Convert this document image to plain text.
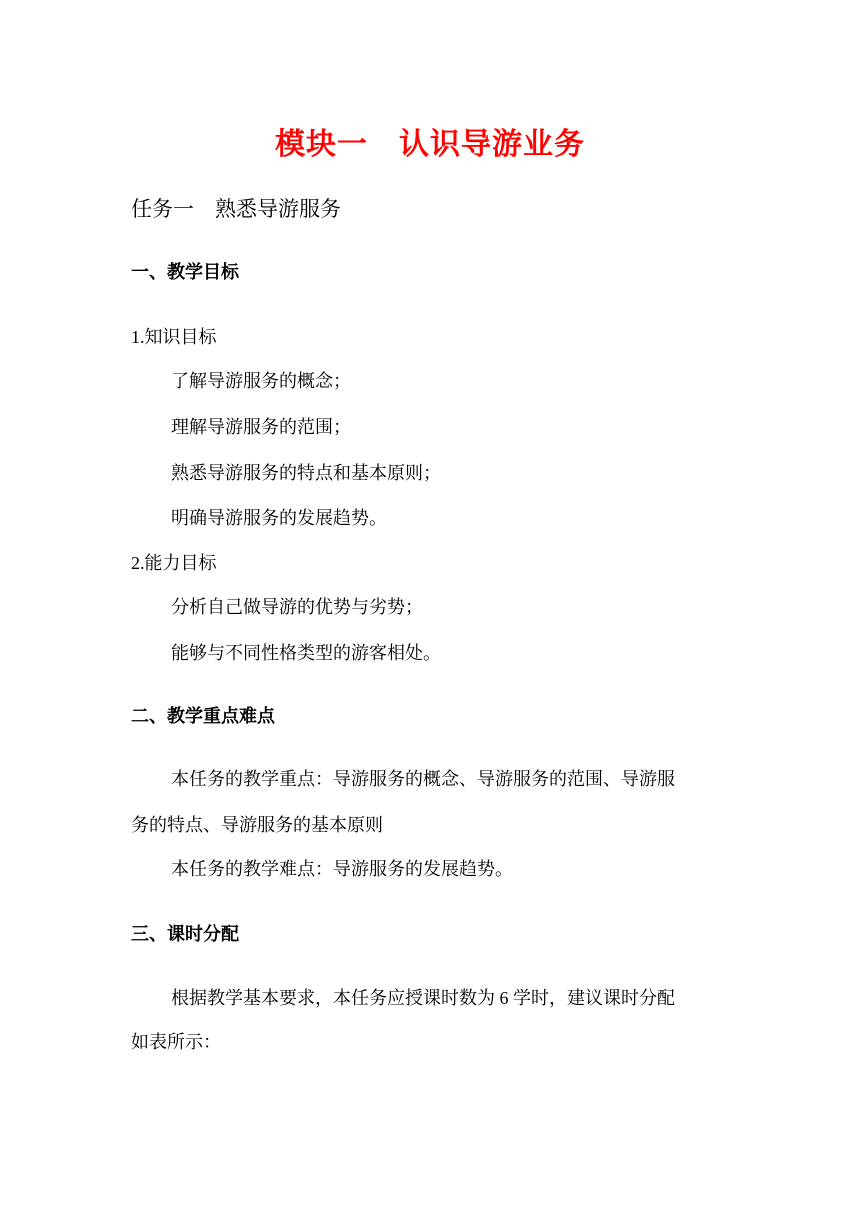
模块一　认识导游业务
任务一　熟悉导游服务
一、教学目标
1.知识目标
了解导游服务的概念；
理解导游服务的范围；
熟悉导游服务的特点和基本原则；
明确导游服务的发展趋势。
2.能力目标
分析自己做导游的优势与劣势；
能够与不同性格类型的游客相处。
二、教学重点难点
本任务的教学重点：导游服务的概念、导游服务的范围、导游服
务的特点、导游服务的基本原则
本任务的教学难点：导游服务的发展趋势。
三、课时分配
根据教学基本要求，本任务应授课时数为 6 学时，建议课时分配
如表所示：
